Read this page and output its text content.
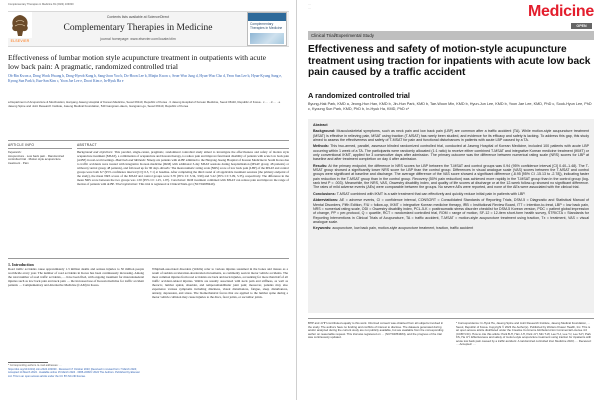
Complementary Therapies in Medicine 81 (2024) 103030
ELSEVIER
Contents lists available at ScienceDirect
Complementary Therapies in Medicine
journal homepage: www.elsevier.com/locate/ctim
Complementary Therapies in Medicine
Effectiveness of lumbar motion style acupuncture treatment in outpatients with acute low back pain: A pragmatic, randomized controlled trial
Oh-Bin Kwon a, Dong Wook Hwang b, Dong-Hyeob Kang b, Sang-Joon Yoo b, Do-Hoon Lee b, Minjin Kwon c, Seon-Woo Jung d, Hyun-Woo Cho d, Yeon Sun Lee b, Hyun-Kyung Sung e, Kyong Sun Park b, Eun-San Kim c, Yoon Jae Lee e, Doori Kim e, In-Hyuk Ha e
a Department of Acupuncture & Moxibustion, Hanyang Jaseng Hospital of Korean Medicine, Seoul 06110, Republic of Korea · b Jaseng Hospital of Korean Medicine, Seoul 06110, Republic of Korea · c … · d … · e Jaseng Spine and Joint Research Institute, Jaseng Medical Foundation, 540 Gangnam-daero, Gangnam-gu, Seoul 06110, Republic of Korea
ARTICLE INFO
Keywords:
Acupuncture · Low back pain · Randomized controlled trial · Motion style acupuncture treatment · Pain
ABSTRACT
Background and objectives: This parallel, single-center, pragmatic, randomized controlled study aimed to investigate the effectiveness and safety of motion style acupuncture treatment (MSAT), a combination of acupuncture and Korean therapy, to reduce pain and improve functional disability of patients with acute low back pain (aLBP) in real-world settings. Materials and Methods: Ninety-six patients with aLBP admitted to the Hanyang Jaseng Hospital of Korean Medicine in South Korea due to traffic accidents were treated with integrative Korean medicine (IKM) with additional 3-day MSAT sessions during hospitalization (MSAT group; 48 patients) or without (control group; 48 patients), and followed up for 90 days. Results: The mean numeric rating scale (NRS) score of low back pain (LBP) of the MSAT and control groups were both 6.7 (95% confidence interval [CI]: 6.5, 7.1) at baseline. After completing the third round of all applicable treatment sessions (the primary endpoint of the study), the mean NRS scores of the MSAT and control groups were 3.76 (95% CI: 3.34, 3.99) and 5.22 (95% CI: 5.09, 5.35), respectively. The difference in the mean NRS score between the two groups was 1.50 (95% CI: 1.25, 1.97). Conclusion: IKM treatment combined with MSAT can reduce pain and improve the range of motion of patients with aLBP. Trial registration: This trial is registered at ClinicalTrials.gov (NCT04938440).
1. Introduction
Road traffic accidents cause approximately 1.3 million deaths and serious injuries to 50 million people worldwide every year. The number of road accidents in Korea has been continuously increasing. Among the total number of road traffic accidents, … have been filed, with ongoing treatment for musculoskeletal injuries such as low back pain and neck pain … the increased use of Korean medicine for traffic accident patients … Complementary and Alternative Medicine (CAM) in Korea.
Whiplash-associated disorders (WADs) refer to various injuries sustained in the bones and tissues as a result of sudden acceleration-deceleration movements, as commonly seen in motor vehicle accidents. The most common injuries from road accidents are back and neck injuries, accounting for more than half of all traffic accident-related injuries. WADs are usually associated with neck pain and stiffness, as well as thoracic, lumbar spinal, shoulder, and temporomandibular joint pain; moreover, patients may also experience various symptoms including dizziness, visual disturbances, fatigue, sleep disturbances, anxiety, depression, and stress. The biomechanical forces that are applied to the lumbar spine during a motor vehicle collision may cause injuries to the discs, facet joints, or sacroiliac joints.
* Corresponding authors. E-mail addresses: …
https://doi.org/10.1016/j.ctim.2024.103030 · Received 17 October 2023; Received in revised form 7 March 2024; Accepted 14 March 2024 · Available online 15 March 2024 · 0965-2299/© 2024 The Authors. Published by Elsevier Ltd. This is an open access article under the CC BY-NC-ND license.
…
…	Medicine
OPEN
Clinical Trial/Experimental Study
Effectiveness and safety of motion-style acupuncture treatment using traction for inpatients with acute low back pain caused by a traffic accident
A randomized controlled trial
Byung-Hak Park, KMD a, Jeong-Hun Han, KMD b, Jin-Hun Park, KMD b, Tae-Woon Min, KMD b, Hyun-Jun Lee, KMD b, Yoon Jae Lee, KMD, PhD c, Sook-Hyun Lee, PhD c, Kyoung Sun Park, KMD, PhD b, In-Hyuk Ha, KMD, PhD c*

Abstract

Background: Musculoskeletal symptoms, such as neck pain and low back pain (LBP) are common after a traffic accident (TA). While motion-style acupuncture treatment (MSAT) is effective in relieving pain, MSAT using traction (T-MSAT) has rarely been studied, and evidence for its efficacy and safety is lacking. To address this gap, this study aimed to assess the effectiveness and safety of T-MSAT for pain and functional disturbances in patients with acute LBP caused by a TA.

Methods: This two-armed, parallel, assessor blinded randomized controlled trial, conducted at Jaseng Hospital of Korean Medicine, included 100 patients with acute LBP occurring within 1 week of a TA. The participants were randomly allocated (1:1 ratio) to receive either combined T-MSAT and integrative Korean medicine treatment (IKMT) or only conventional IKMT, applied for 3 consecutive days after admission. The primary outcome was the difference between numerical rating scale (NRS) scores for LBP at baseline and after treatment completion on day 4 after admission.

Results: At the primary endpoint, the difference in NRS scores for LBP between the T-MSAT and control groups was 0.94 (95% confidence interval [CI] 0.40–1.48). The T-MSAT group showed a significantly lower NRS score for LBP than the control group. Differences in visual analogue scale (VAS) scores between the T-MSAT and control groups were significant at baseline and discharge. The average difference of the VAS score showed a significant difference (-8.95 [95% CI -15.13 to -2.78]), indicating faster pain reduction in the T-MSAT group than in the control group. Recovery (50% pain reduction) was achieved more rapidly in the T-MSAT group than in the control group (log-rank test P = .003). Meanwhile, the NRS, VAS, Oswestry disability index, and quality of life scores at discharge or at the 12-week follow-up showed no significant difference. The rates of mild adverse events (AEs) were comparable between the groups. No severe AEs were reported, and none of the AEs were associated with the clinical trial.

Conclusions: T-MSAT combined with IKMT is a safe treatment that can effectively and quickly reduce initial pain in patients with LBP.

Abbreviations: AE = adverse events, CI = confidence interval, CONSORT = Consolidated Standards of Reporting Trials, DSM-5 = Diagnostic and Statistical Manual of Mental Disorders, Fifth Edition, F/U = follow-up, IKMT = integrative Korean medicine therapy, IRB = Institutional Review Board, ITT = intention-to-treat, LBP = low back pain, NRS = numerical rating scale, ODI = Oswestry disability index, PCL-5-K = posttraumatic stress disorder checklist for DSM-5 Korean version, PDC = patient global impression of change, PP = per-protocol, Q = quartile, RCT = randomized controlled trial, ROM = range of motion, SF-12 = 12-item short-form health survey, STRICTA = Standards for Reporting Interventions in Clinical Trials of Acupuncture, TA = traffic accident, T-MSAT = motion-style acupuncture treatment using traction, Tx = treatment, VAS = visual analogue scale.

Keywords: acupuncture, low back pain, motion-style acupuncture treatment, traction, traffic accident

BHP and J-HH contributed equally to this work. Informed consent was obtained from all subjects involved in the study. The authors have no funding and conflicts of interest to disclose. The datasets generated during and/or analyzed during the current study are not publicly available, but are available from the corresponding author on reasonable request. This trial was registered on … (NCT04354484), and the progress of the trial was continuously updated.
* Correspondence: In-Hyuk Ha, Jaseng Spine and Joint Research Institute, Jaseng Medical Foundation, … Seoul, Republic of Korea. Copyright © 2023 the Author(s). Published by Wolters Kluwer Health, Inc. This is an open access article distributed under the Creative Commons Attribution-Non Commercial License 4.0 (CCBY-NC). How to cite this article: Park B-H, Han J-H, Park J-H, Min T-W, Lee H-J, Lee YJ, Lee S-H, Park KS, Ha I-H. Effectiveness and safety of motion-style acupuncture treatment using traction for inpatients with acute low back pain caused by a traffic accident: A randomized controlled trial. Medicine 2023;…. Received: … Accepted: …
